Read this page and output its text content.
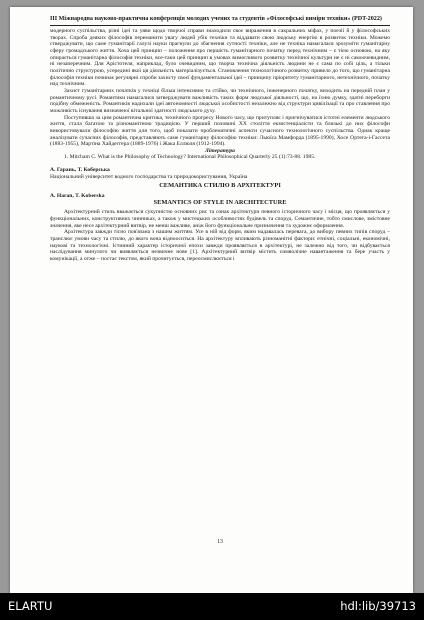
ІІІ Міжнародна науково-практична конференція молодих учених та студентів «Філософські виміри техніки» (PDT-2022)

модерного суспільства, різні ідеї та уяви щодо творчої справи знаходили своє вираження в сакральних міфах, у поезії й у філософських творах. Спроба деяких філософів переманити увагу людей убік техніки та віддавати свою людську енергію в розвиток техніки. Можемо стверджувати, що саме гуманітарії галузі науки прагнули до збагнення сутності техніки, але не техніка намагалася зрозуміти гуманітарну сферу громадського життя. Хоча цей принцип – положення про першість гуманітарного початку перед технічним – є тією основою, на яку опирається гуманітарна філософія техніки, все-таки цей принцип в умовах вимогливого розвитку технічної культури не є ні самоочевидним, ні незаперечним. Для Арістотеля, наприклад, було очевидним, що творча технічна діяльність людини не є сама по собі ціль, а тільки політично структурою, усередині якої ця діяльність матеріалізується. Становлення технологічного розвитку привело до того, що гуманітарна філософія техніки починає регулярні спроби захисту своєї фундаментальної ідеї – принципу пріоритету гуманітарного, нетехнічного, початку над технічним.

Захист гуманітарних початків у техніці більш інтенсивно та стійко, чи технічного, інженерного початку, виходить на передній план у романтичному русі. Романтики намагалися затверджувати важливість таких форм людської діяльності, що, на їхню думку, здатні переборти подібну обмеженість. Романтиків надихали ідеї автономності людської особистості незалежно від структури цивілізації та про ставлення про можливість існування визначеної вітальної здатності людського духу.

Поступивша за цим романтична критика, технічного прогресу Нового часу, що притупляє і пригнічуватися істотні елементи людського життя, стала багатою та різноманітною традицією. У перший половині XX століття екзистенціалісти та близькі до них філософи використовували філософію життя для того, щоб показати проблематичні аспекти сучасного технологічного суспільства. Однак краще аналізувати сучасних філософів, представляють саме гуманітарну філософію техніки: Льюїса Мамфорда (1895-1990), Хосе Ортега-і-Гассета (1883-1955), Мартіна Хайдеггера (1889-1976) і Жака Еллюля (1912-1994).

Література

1. Mitcham C. What is the Philosophy of Technology? International Philosophical Quarterly 25 (1):73-88. 1985.

А. Гарань, Т. Коберська

Національний університет водного господарства та природокористування, Україна

СЕМАНТИКА СТИЛЮ В АРХІТЕКТУРІ

A. Haran, T. Koberska

SEMANTICS OF STYLE IN ARCHITECTURE

Архітектурний стиль вважається сукупністю основних рис та ознак архітектури певного історичного часу і місця, що проявляється у функціональних, конструктивних чинниках, а також у мистецьких особливостях будівель та споруд. Семантичне, тобто смислове, змістовне значення, яке несе архітектурний витвір, не менш важливе, аніж його функціональне призначення та художнє оформлення.

Архітектура завжди тісно пов'язана з нашим життям. Усе в ній від форм, яким надавалась перевага, до вибору певних типів споруд – транслює умови часу та стилю, до якого вона віднооситься. На архітектуру впливають різноманітні фактори: етнічні, соціальні, економічні, наукові та технологічні. Істинний характер історичної епохи завжди проявляється в архітектурі, не залежно від того, чи відбувається наслідування минулого чи виявляється незвичне нове [1]. Архітектурний витвір містить символічне навантаження та бере участь у комунікації, а отже – постає текстом, який прочитується, переосмислюється і

13
ELARTU	hdl:lib/39713
